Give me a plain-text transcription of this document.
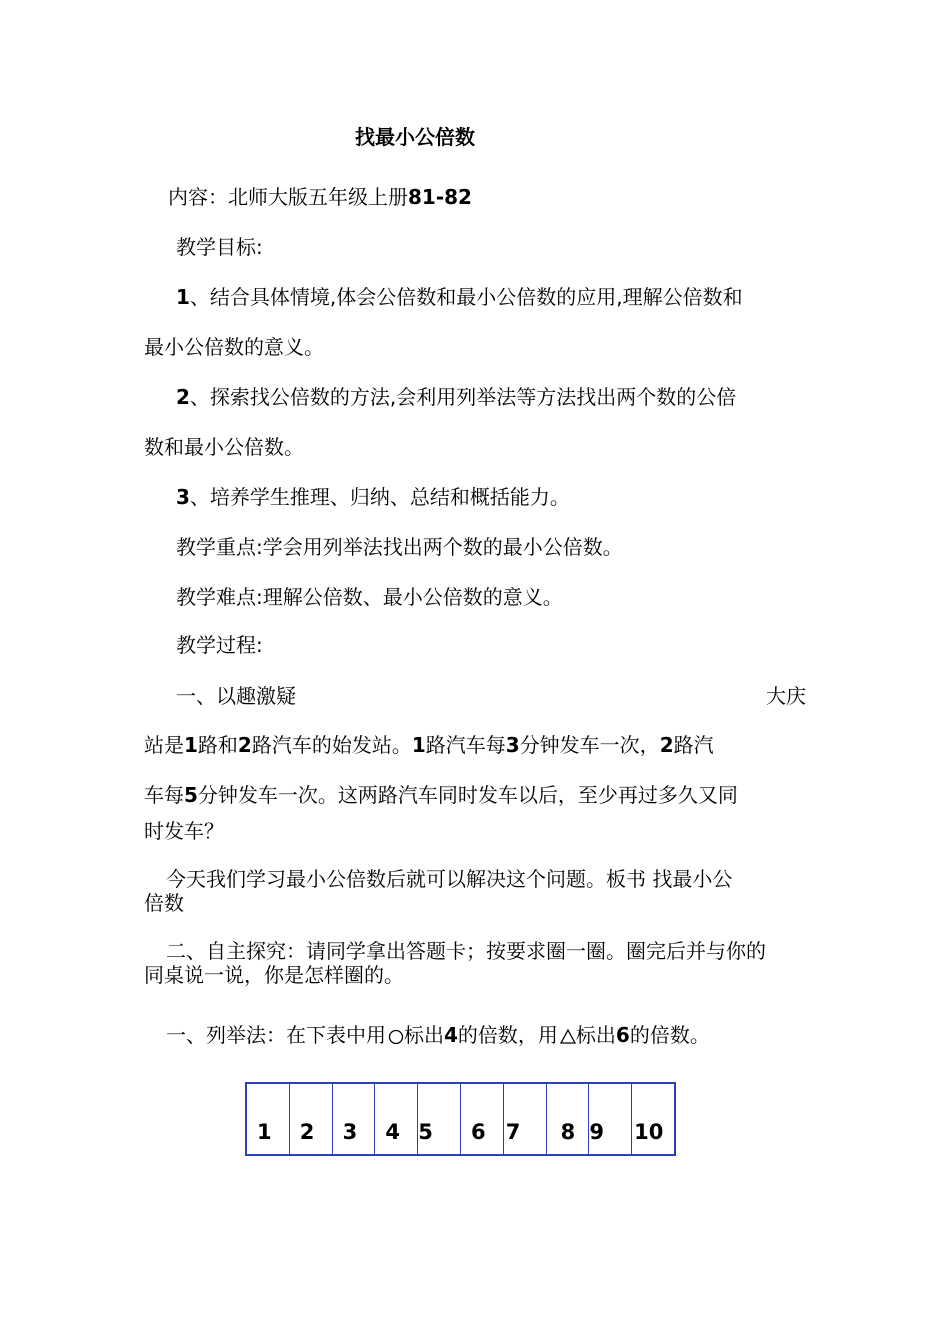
找最小公倍数
内容：北师大版五年级上册81-82
教学目标:
1、结合具体情境,体会公倍数和最小公倍数的应用,理解公倍数和
最小公倍数的意义。
2、探索找公倍数的方法,会利用列举法等方法找出两个数的公倍
数和最小公倍数。
3、培养学生推理、归纳、总结和概括能力。
教学重点:学会用列举法找出两个数的最小公倍数。
教学难点:理解公倍数、最小公倍数的意义。
教学过程:
一、以趣激疑	大庆
站是1路和2路汽车的始发站。1路汽车每3分钟发车一次，2路汽
车每5分钟发车一次。这两路汽车同时发车以后，至少再过多久又同
时发车？
今天我们学习最小公倍数后就可以解决这个问题。板书 找最小公
倍数
二、自主探究：请同学拿出答题卡；按要求圈一圈。圈完后并与你的
同桌说一说，你是怎样圈的。
一、列举法：在下表中用 标出4的倍数，用 标出6的倍数。
1 2 3 4 5 6 7 8 9 10
